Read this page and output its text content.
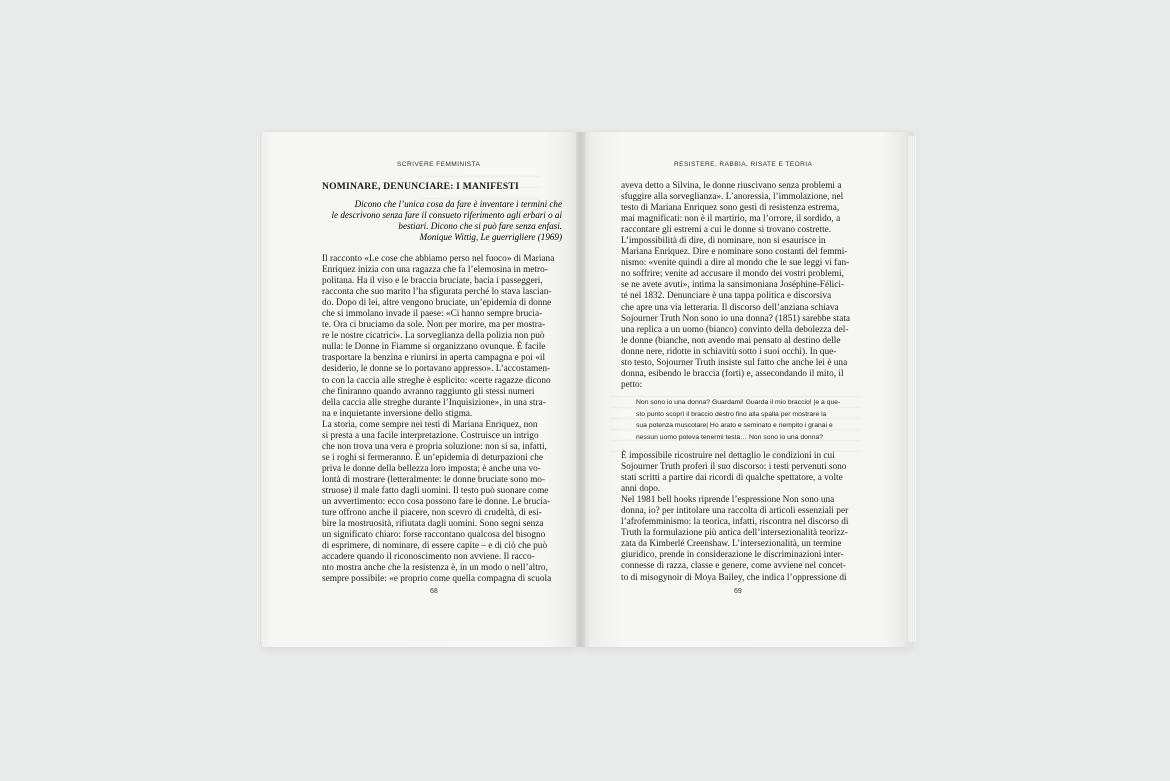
SCRIVERE FEMMINISTA
NOMINARE, DENUNCIARE: I MANIFESTI
Dicono che l’unica cosa da fare è inventare i termini che
le descrivono senza fare il consueto riferimento agli erbari o ai
bestiari. Dicono che si può fare senza enfasi.
Monique Wittig, Le guerrigliere (1969)
Il racconto «Le cose che abbiamo perso nel fuoco» di Mariana
Enriquez inizia con una ragazza che fa l’elemosina in metro-
politana. Ha il viso e le braccia bruciate, bacia i passeggeri,
racconta che suo marito l’ha sfigurata perché lo stava lascian-
do. Dopo di lei, altre vengono bruciate, un’epidemia di donne
che si immolano invade il paese: «Ci hanno sempre brucia-
te. Ora ci bruciamo da sole. Non per morire, ma per mostra-
re le nostre cicatrici». La sorveglianza della polizia non può
nulla: le Donne in Fiamme si organizzano ovunque. È facile
trasportare la benzina e riunirsi in aperta campagna e poi «il
desiderio, le donne se lo portavano appresso». L’accostamen-
to con la caccia alle streghe è esplicito: «certe ragazze dicono
che finiranno quando avranno raggiunto gli stessi numeri
della caccia alle streghe durante l’Inquisizione», in una stra-
na e inquietante inversione dello stigma.
La storia, come sempre nei testi di Mariana Enriquez, non
si presta a una facile interpretazione. Costruisce un intrigo
che non trova una vera e propria soluzione: non si sa, infatti,
se i roghi si fermeranno. È un’epidemia di deturpazioni che
priva le donne della bellezza loro imposta; è anche una vo-
lontà di mostrare (letteralmente: le donne bruciate sono mo-
struose) il male fatto dagli uomini. Il testo può suonare come
un avvertimento: ecco cosa possono fare le donne. Le brucia-
ture offrono anche il piacere, non scevro di crudeltà, di esi-
bire la mostruosità, rifiutata dagli uomini. Sono segni senza
un significato chiaro: forse raccontano qualcosa del bisogno
di esprimere, di nominare, di essere capite – e di ciò che può
accadere quando il riconoscimento non avviene. Il racco-
nto mostra anche che la resistenza è, in un modo o nell’altro,
sempre possibile: «e proprio come quella compagna di scuola
68
RESISTERE, RABBIA, RISATE E TEORIA
aveva detto a Silvina, le donne riuscivano senza problemi a
sfuggire alla sorveglianza». L’anoressia, l’immolazione, nel
testo di Mariana Enriquez sono gesti di resistenza estrema,
mai magnificati: non è il martirio, ma l’orrore, il sordido, a
raccontare gli estremi a cui le donne si trovano costrette.
L’impossibilità di dire, di nominare, non si esaurisce in
Mariana Enriquez. Dire e nominare sono costanti del femmi-
nismo: «venite quindi a dire al mondo che le sue leggi vi fan-
no soffrire; venite ad accusare il mondo dei vostri problemi,
se ne avete avuti», intima la sansimoniana Joséphine-Félici-
té nel 1832. Denunciare è una tappa politica e discorsiva
che apre una via letteraria. Il discorso dell’anziana schiava
Sojourner Truth Non sono io una donna? (1851) sarebbe stata
una replica a un uomo (bianco) convinto della debolezza del-
le donne (bianche, non avendo mai pensato al destino delle
donne nere, ridotte in schiavitù sotto i suoi occhi). In que-
sto testo, Sojourner Truth insiste sul fatto che anche lei è una
donna, esibendo le braccia (forti) e, assecondando il mito, il
petto:
Non sono io una donna? Guardami! Guarda il mio braccio! |e a que-
sto punto scoprì il braccio destro fino alla spalla per mostrare la
sua potenza muscolare| Ho arato e seminato e riempito i granai e
nessun uomo poteva tenermi testa… Non sono io una donna?
È impossibile ricostruire nel dettaglio le condizioni in cui
Sojourner Truth proferì il suo discorso: i testi pervenuti sono
stati scritti a partire dai ricordi di qualche spettatore, a volte
anni dopo.
Nel 1981 bell hooks riprende l’espressione Non sono una
donna, io? per intitolare una raccolta di articoli essenziali per
l’afrofemminismo: la teorica, infatti, riscontra nel discorso di
Truth la formulazione più antica dell’intersezionalità teorizz-
zata da Kimberlé Creenshaw. L’intersezionalità, un termine
giuridico, prende in considerazione le discriminazioni inter-
connesse di razza, classe e genere, come avviene nel concet-
to di misogynoir di Moya Bailey, che indica l’oppressione di
69
